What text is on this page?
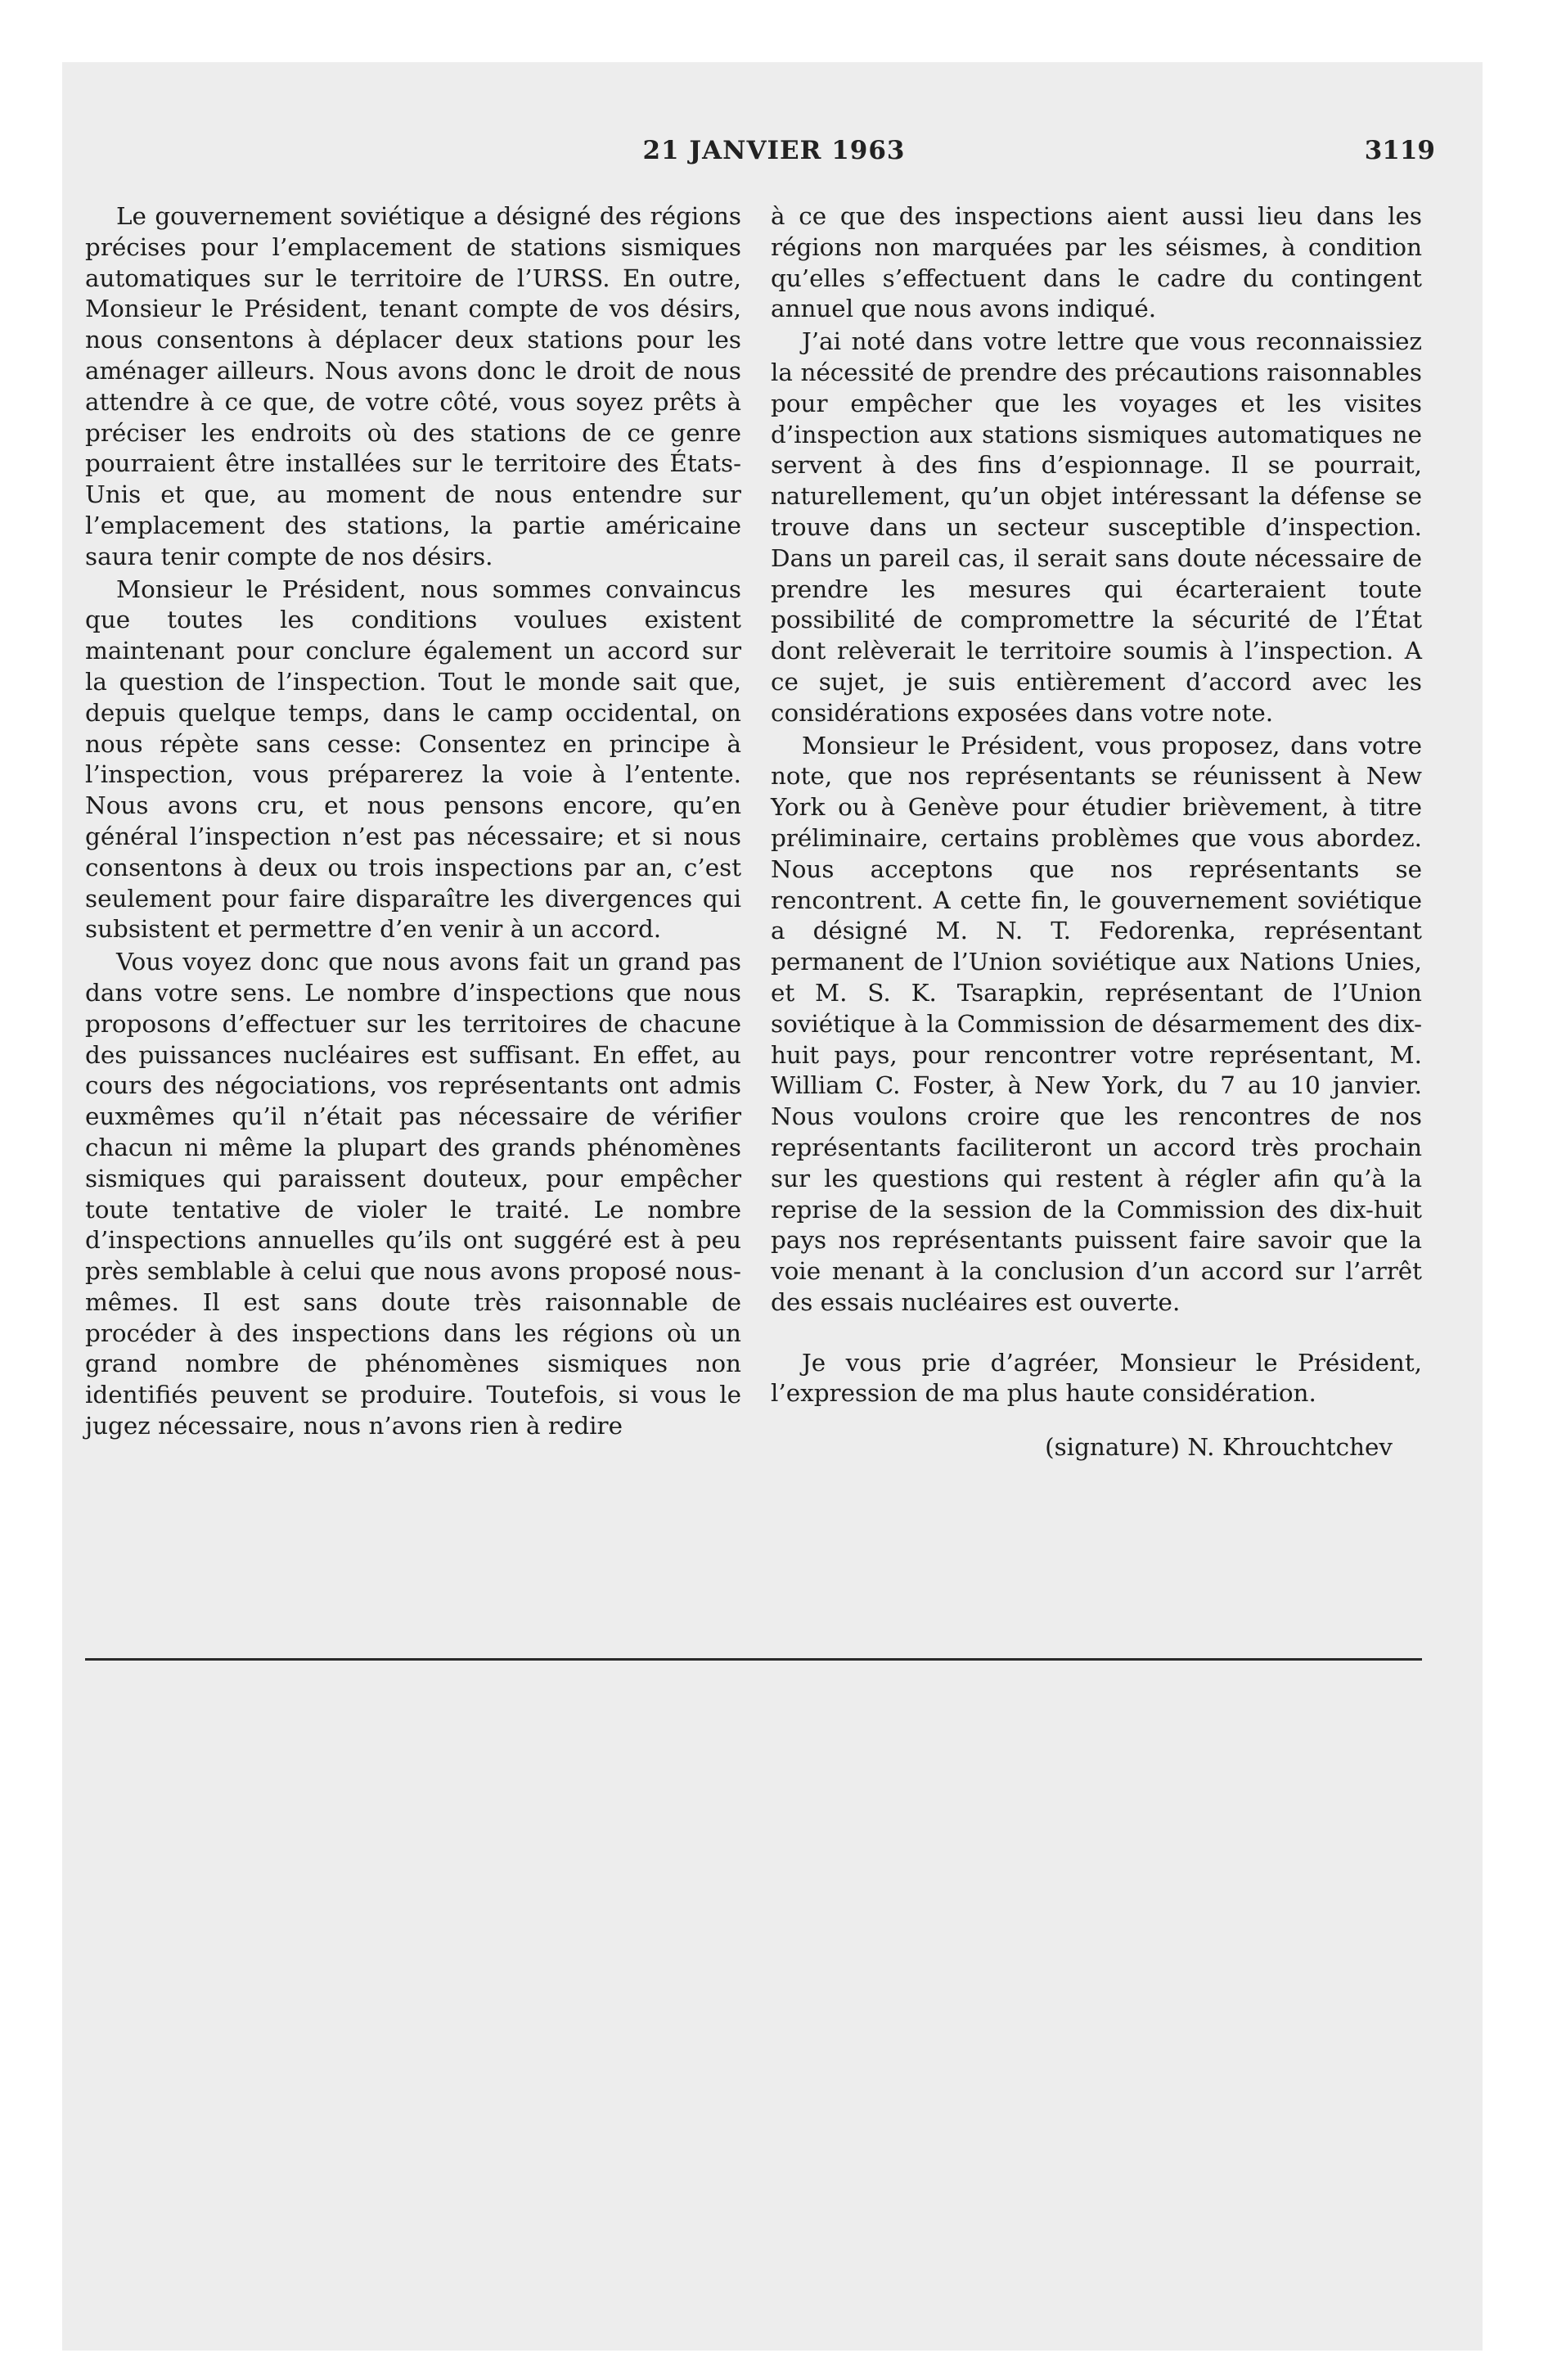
21 JANVIER 1963	3119

Le gouvernement soviétique a désigné des régions précises pour l’emplacement de stations sismiques automatiques sur le territoire de l’URSS. En outre, Monsieur le Président, tenant compte de vos désirs, nous consentons à déplacer deux stations pour les aménager ailleurs. Nous avons donc le droit de nous attendre à ce que, de votre côté, vous soyez prêts à préciser les endroits où des stations de ce genre pourraient être installées sur le territoire des États-Unis et que, au moment de nous entendre sur l’emplacement des stations, la partie américaine saura tenir compte de nos désirs.

Monsieur le Président, nous sommes convaincus que toutes les conditions voulues existent maintenant pour conclure également un accord sur la question de l’inspection. Tout le monde sait que, depuis quelque temps, dans le camp occidental, on nous répète sans cesse: Consentez en principe à l’inspection, vous préparerez la voie à l’entente. Nous avons cru, et nous pensons encore, qu’en général l’inspection n’est pas nécessaire; et si nous consentons à deux ou trois inspections par an, c’est seulement pour faire disparaître les divergences qui subsistent et permettre d’en venir à un accord.

Vous voyez donc que nous avons fait un grand pas dans votre sens. Le nombre d’inspections que nous proposons d’effectuer sur les territoires de chacune des puissances nucléaires est suffisant. En effet, au cours des négociations, vos représentants ont admis euxmêmes qu’il n’était pas nécessaire de vérifier chacun ni même la plupart des grands phénomènes sismiques qui paraissent douteux, pour empêcher toute tentative de violer le traité. Le nombre d’inspections annuelles qu’ils ont suggéré est à peu près semblable à celui que nous avons proposé nous-mêmes. Il est sans doute très raisonnable de procéder à des inspections dans les régions où un grand nombre de phénomènes sismiques non identifiés peuvent se produire. Toutefois, si vous le jugez nécessaire, nous n’avons rien à redire

à ce que des inspections aient aussi lieu dans les régions non marquées par les séismes, à condition qu’elles s’effectuent dans le cadre du contingent annuel que nous avons indiqué.

J’ai noté dans votre lettre que vous reconnaissiez la nécessité de prendre des précautions raisonnables pour empêcher que les voyages et les visites d’inspection aux stations sismiques automatiques ne servent à des fins d’espionnage. Il se pourrait, naturellement, qu’un objet intéressant la défense se trouve dans un secteur susceptible d’inspection. Dans un pareil cas, il serait sans doute nécessaire de prendre les mesures qui écarteraient toute possibilité de compromettre la sécurité de l’État dont relèverait le territoire soumis à l’inspection. A ce sujet, je suis entièrement d’accord avec les considérations exposées dans votre note.

Monsieur le Président, vous proposez, dans votre note, que nos représentants se réunissent à New York ou à Genève pour étudier brièvement, à titre préliminaire, certains problèmes que vous abordez. Nous acceptons que nos représentants se rencontrent. A cette fin, le gouvernement soviétique a désigné M. N. T. Fedorenka, représentant permanent de l’Union soviétique aux Nations Unies, et M. S. K. Tsarapkin, représentant de l’Union soviétique à la Commission de désarmement des dix-huit pays, pour rencontrer votre représentant, M. William C. Foster, à New York, du 7 au 10 janvier. Nous voulons croire que les rencontres de nos représentants faciliteront un accord très prochain sur les questions qui restent à régler afin qu’à la reprise de la session de la Commission des dix-huit pays nos représentants puissent faire savoir que la voie menant à la conclusion d’un accord sur l’arrêt des essais nucléaires est ouverte.

Je vous prie d’agréer, Monsieur le Président, l’expression de ma plus haute considération.

(signature) N. Khrouchtchev
